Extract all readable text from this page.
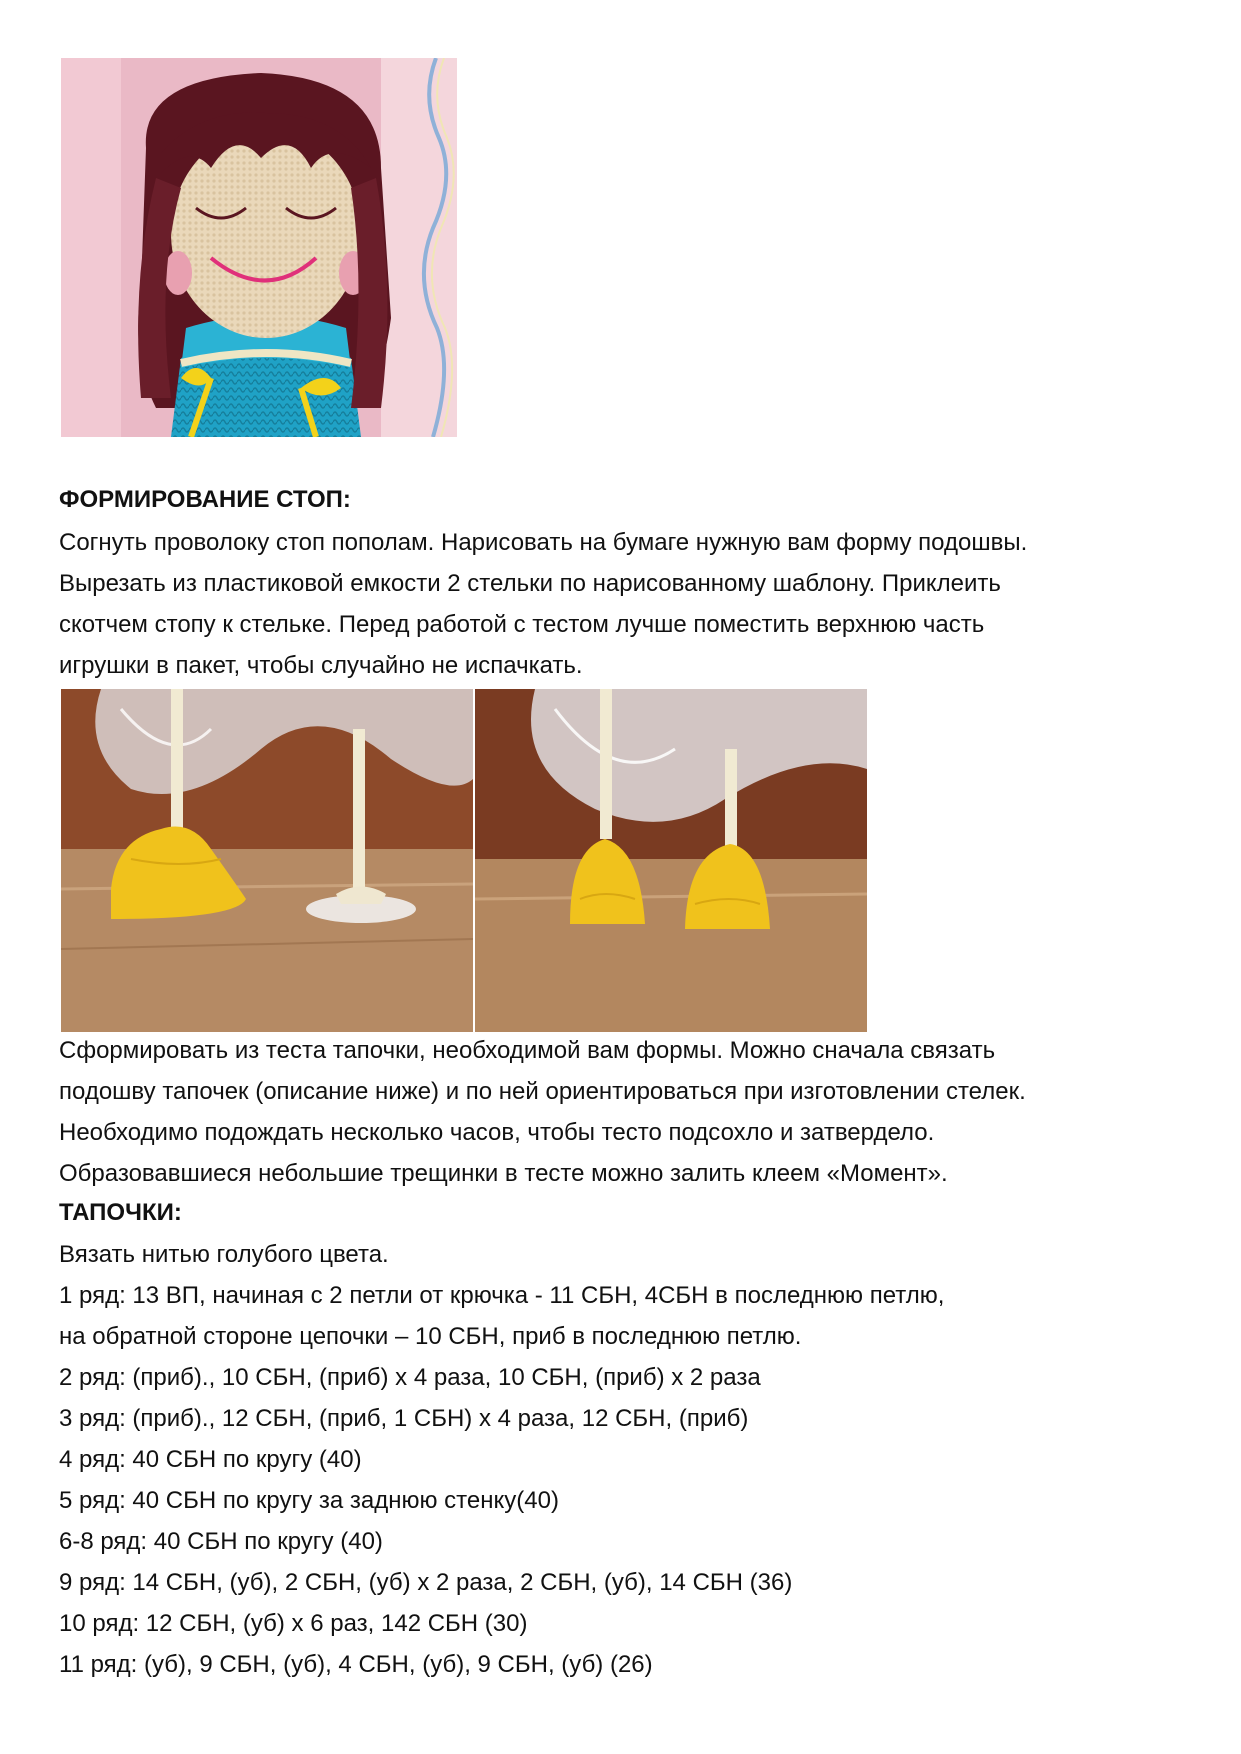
ФОРМИРОВАНИЕ СТОП:
Согнуть проволоку стоп пополам. Нарисовать на бумаге нужную вам форму подошвы.
Вырезать из пластиковой емкости 2 стельки по нарисованному шаблону. Приклеить
скотчем стопу к стельке. Перед работой с тестом лучше поместить верхнюю часть
игрушки в пакет, чтобы случайно не испачкать.
Сформировать из теста тапочки, необходимой вам формы. Можно сначала связать
подошву тапочек (описание ниже) и по ней ориентироваться при изготовлении стелек.
Необходимо подождать несколько часов, чтобы тесто подсохло и затвердело.
Образовавшиеся небольшие трещинки в тесте можно залить клеем «Момент».
ТАПОЧКИ:
Вязать нитью голубого цвета.
1 ряд: 13 ВП, начиная с 2 петли от крючка - 11 СБН, 4СБН в последнюю петлю,
на обратной стороне цепочки – 10 СБН, приб в последнюю петлю.
2 ряд: (приб)., 10 СБН, (приб) х 4 раза, 10 СБН, (приб) х 2 раза
3 ряд: (приб)., 12 СБН, (приб, 1 СБН) х 4 раза, 12 СБН, (приб)
4 ряд: 40 СБН по кругу (40)
5 ряд: 40 СБН по кругу за заднюю стенку(40)
6-8 ряд: 40 СБН по кругу (40)
9 ряд: 14 СБН, (уб), 2 СБН, (уб) х 2 раза, 2 СБН, (уб), 14 СБН (36)
10 ряд: 12 СБН, (уб) х 6 раз, 142 СБН (30)
11 ряд: (уб), 9 СБН, (уб), 4 СБН, (уб), 9 СБН, (уб) (26)
